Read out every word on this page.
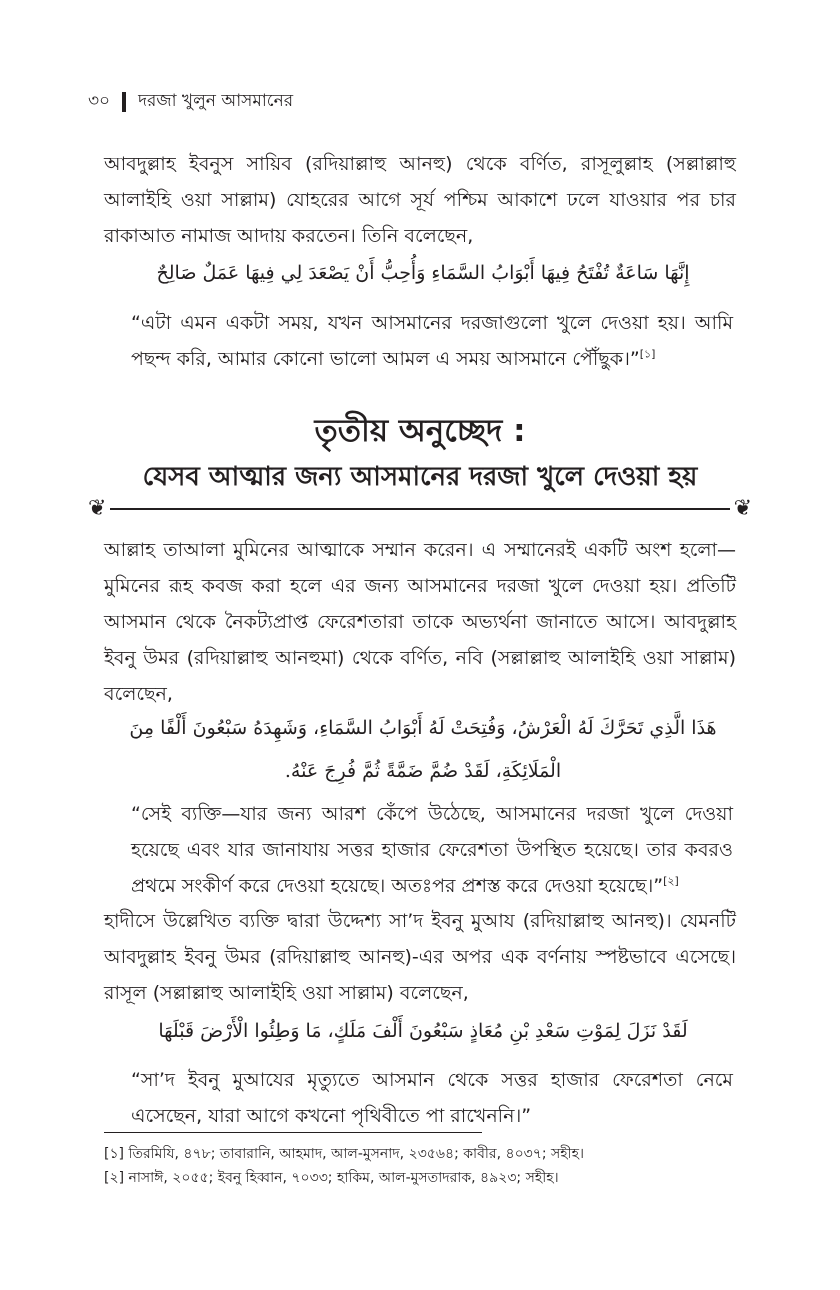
৩০ দরজা খুলুন আসমানের

আবদুল্লাহ ইবনুস সায়িব (রদিয়াল্লাহু আনহু) থেকে বর্ণিত, রাসূলুল্লাহ (সল্লাল্লাহু আলাইহি ওয়া সাল্লাম) যোহরের আগে সূর্য পশ্চিম আকাশে ঢলে যাওয়ার পর চার রাকাআত নামাজ আদায় করতেন। তিনি বলেছেন,

إِنَّهَا سَاعَةٌ تُفْتَحُ فِيهَا أَبْوَابُ السَّمَاءِ وَأُحِبُّ أَنْ يَصْعَدَ لِي فِيهَا عَمَلٌ صَالِحٌ

“এটা এমন একটা সময়, যখন আসমানের দরজাগুলো খুলে দেওয়া হয়। আমি পছন্দ করি, আমার কোনো ভালো আমল এ সময় আসমানে পৌঁছুক।”[১]

তৃতীয় অনুচ্ছেদ :
যেসব আত্মার জন্য আসমানের দরজা খুলে দেওয়া হয়
❦	❦

আল্লাহ তাআলা মুমিনের আত্মাকে সম্মান করেন। এ সম্মানেরই একটি অংশ হলো—মুমিনের রূহ কবজ করা হলে এর জন্য আসমানের দরজা খুলে দেওয়া হয়। প্রতিটি আসমান থেকে নৈকট্যপ্রাপ্ত ফেরেশতারা তাকে অভ্যর্থনা জানাতে আসে। আবদুল্লাহ ইবনু উমর (রদিয়াল্লাহু আনহুমা) থেকে বর্ণিত, নবি (সল্লাল্লাহু আলাইহি ওয়া সাল্লাম) বলেছেন,

هَذَا الَّذِي تَحَرَّكَ لَهُ الْعَرْشُ، وَفُتِحَتْ لَهُ أَبْوَابُ السَّمَاءِ، وَشَهِدَهُ سَبْعُونَ أَلْفًا مِنَ

الْمَلَائِكَةِ، لَقَدْ ضُمَّ ضَمَّةً ثُمَّ فُرِجَ عَنْهُ.

“সেই ব্যক্তি—যার জন্য আরশ কেঁপে উঠেছে, আসমানের দরজা খুলে দেওয়া হয়েছে এবং যার জানাযায় সত্তর হাজার ফেরেশতা উপস্থিত হয়েছে। তার কবরও প্রথমে সংকীর্ণ করে দেওয়া হয়েছে। অতঃপর প্রশস্ত করে দেওয়া হয়েছে।”[২]

হাদীসে উল্লেখিত ব্যক্তি দ্বারা উদ্দেশ্য সা’দ ইবনু মুআয (রদিয়াল্লাহু আনহু)। যেমনটি আবদুল্লাহ ইবনু উমর (রদিয়াল্লাহু আনহু)-এর অপর এক বর্ণনায় স্পষ্টভাবে এসেছে। রাসূল (সল্লাল্লাহু আলাইহি ওয়া সাল্লাম) বলেছেন,

لَقَدْ نَزَلَ لِمَوْتِ سَعْدِ بْنِ مُعَاذٍ سَبْعُونَ أَلْفَ مَلَكٍ، مَا وَطِئُوا الْأَرْضَ قَبْلَهَا

“সা’দ ইবনু মুআযের মৃত্যুতে আসমান থেকে সত্তর হাজার ফেরেশতা নেমে এসেছেন, যারা আগে কখনো পৃথিবীতে পা রাখেননি।”

[১] তিরমিযি, ৪৭৮; তাবারানি, আহমাদ, আল-মুসনাদ, ২৩৫৬৪; কাবীর, ৪০৩৭; সহীহ।

[২] নাসাঈ, ২০৫৫; ইবনু হিব্বান, ৭০৩৩; হাকিম, আল-মুসতাদরাক, ৪৯২৩; সহীহ।
